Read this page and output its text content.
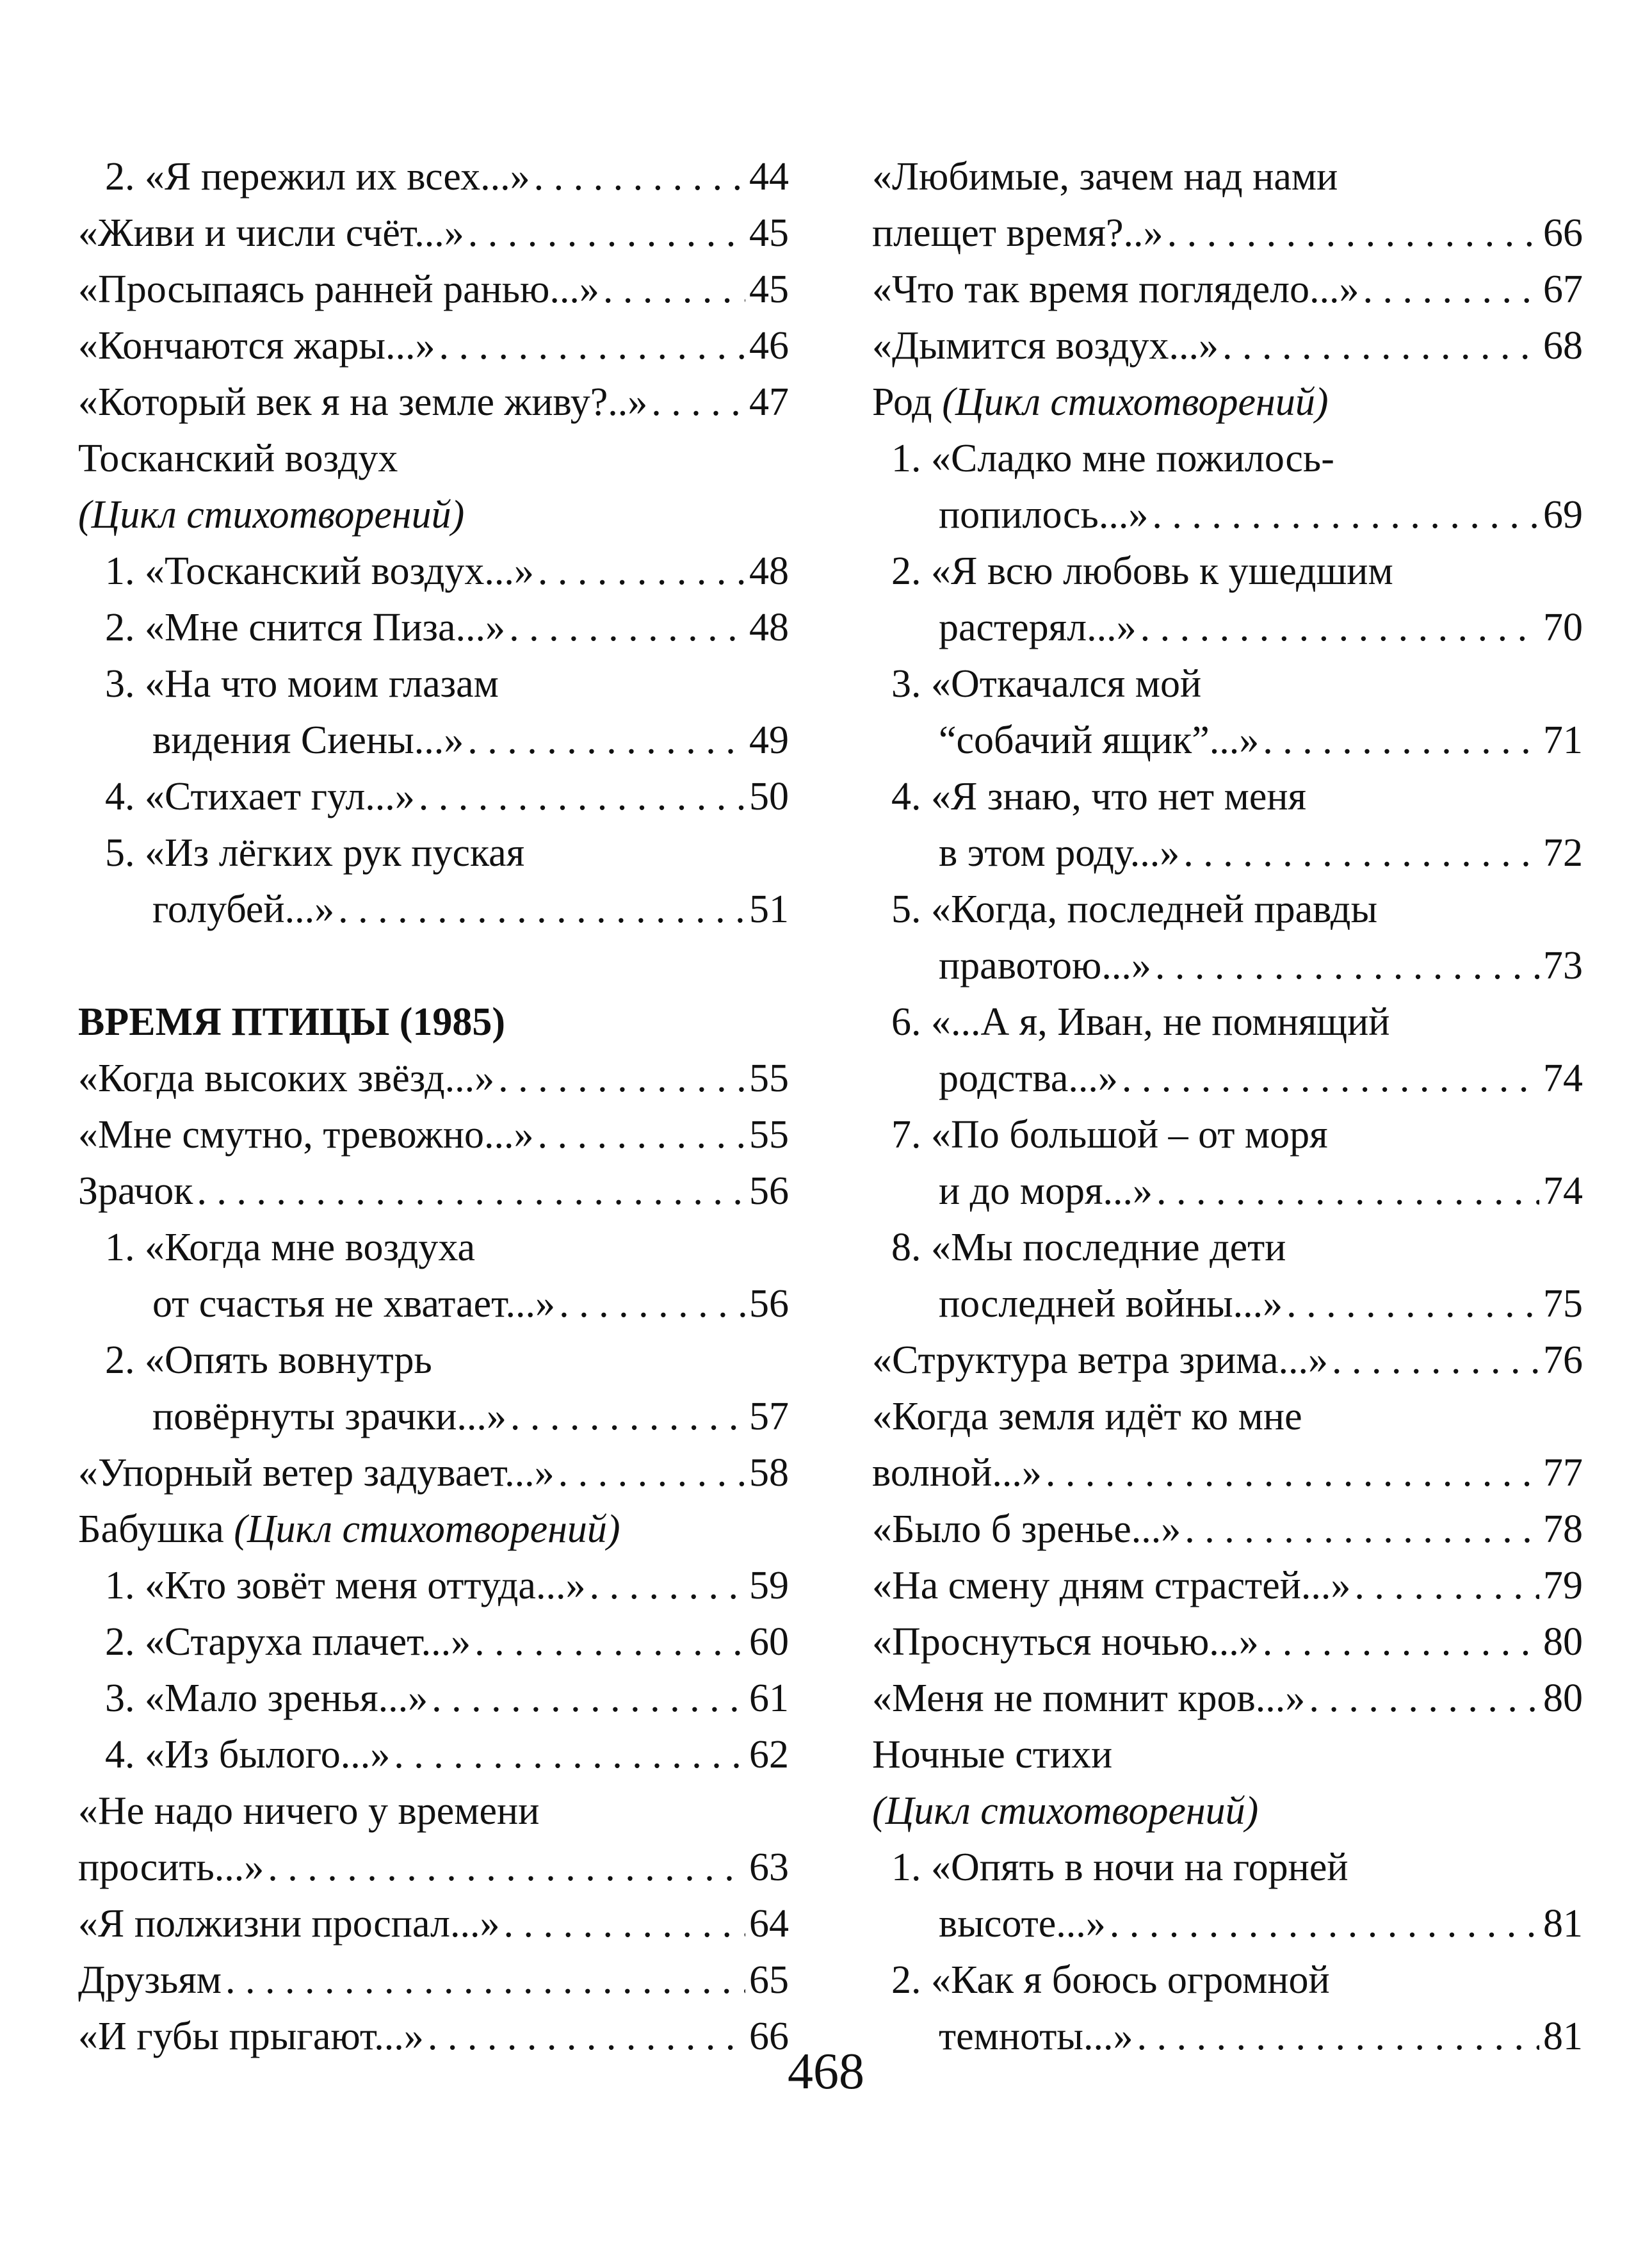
2. «Я пережил их всех...» . . .	44
«Живи и числи счёт...» . . .	45
«Просыпаясь ранней ранью...» . . .	45
«Кончаются жары...» . . .	46
«Который век я на земле живу?..» . . .	47
Тосканский воздух
(Цикл стихотворений)
1. «Тосканский воздух...» . . .	48
2. «Мне снится Пиза...» . . .	48
3. «На что моим глазам
видения Сиены...» . . .	49
4. «Стихает гул...» . . .	50
5. «Из лёгких рук пуская
голубей...» . . .	51
ВРЕМЯ ПТИЦЫ (1985)
«Когда высоких звёзд...» . . .	55
«Мне смутно, тревожно...» . . .	55
Зрачок . . .	56
1. «Когда мне воздуха
от счастья не хватает...» . . .	56
2. «Опять вовнутрь
повёрнуты зрачки...» . . .	57
«Упорный ветер задувает...» . . .	58
Бабушка (Цикл стихотворений)
1. «Кто зовёт меня оттуда...» . . .	59
2. «Старуха плачет...» . . .	60
3. «Мало зренья...» . . .	61
4. «Из былого...» . . .	62
«Не надо ничего у времени
просить...» . . .	63
«Я полжизни проспал...» . . .	64
Друзьям . . .	65
«И губы прыгают...» . . .	66
«Любимые, зачем над нами
плещет время?..» . . .	66
«Что так время поглядело...» . . .	67
«Дымится воздух...» . . .	68
Род (Цикл стихотворений)
1. «Сладко мне пожилось-
попилось...» . . .	69
2. «Я всю любовь к ушедшим
растерял...» . . .	70
3. «Откачался мой
“собачий ящик”...» . . .	71
4. «Я знаю, что нет меня
в этом роду...» . . .	72
5. «Когда, последней правды
правотою...» . . .	73
6. «...А я, Иван, не помнящий
родства...» . . .	74
7. «По большой – от моря
и до моря...» . . .	74
8. «Мы последние дети
последней войны...» . . .	75
«Структура ветра зрима...» . . .	76
«Когда земля идёт ко мне
волной...» . . .	77
«Было б зренье...» . . .	78
«На смену дням страстей...» . . .	79
«Проснуться ночью...» . . .	80
«Меня не помнит кров...» . . .	80
Ночные стихи
(Цикл стихотворений)
1. «Опять в ночи на горней
высоте...» . . .	81
2. «Как я боюсь огромной
темноты...» . . .	81
468
